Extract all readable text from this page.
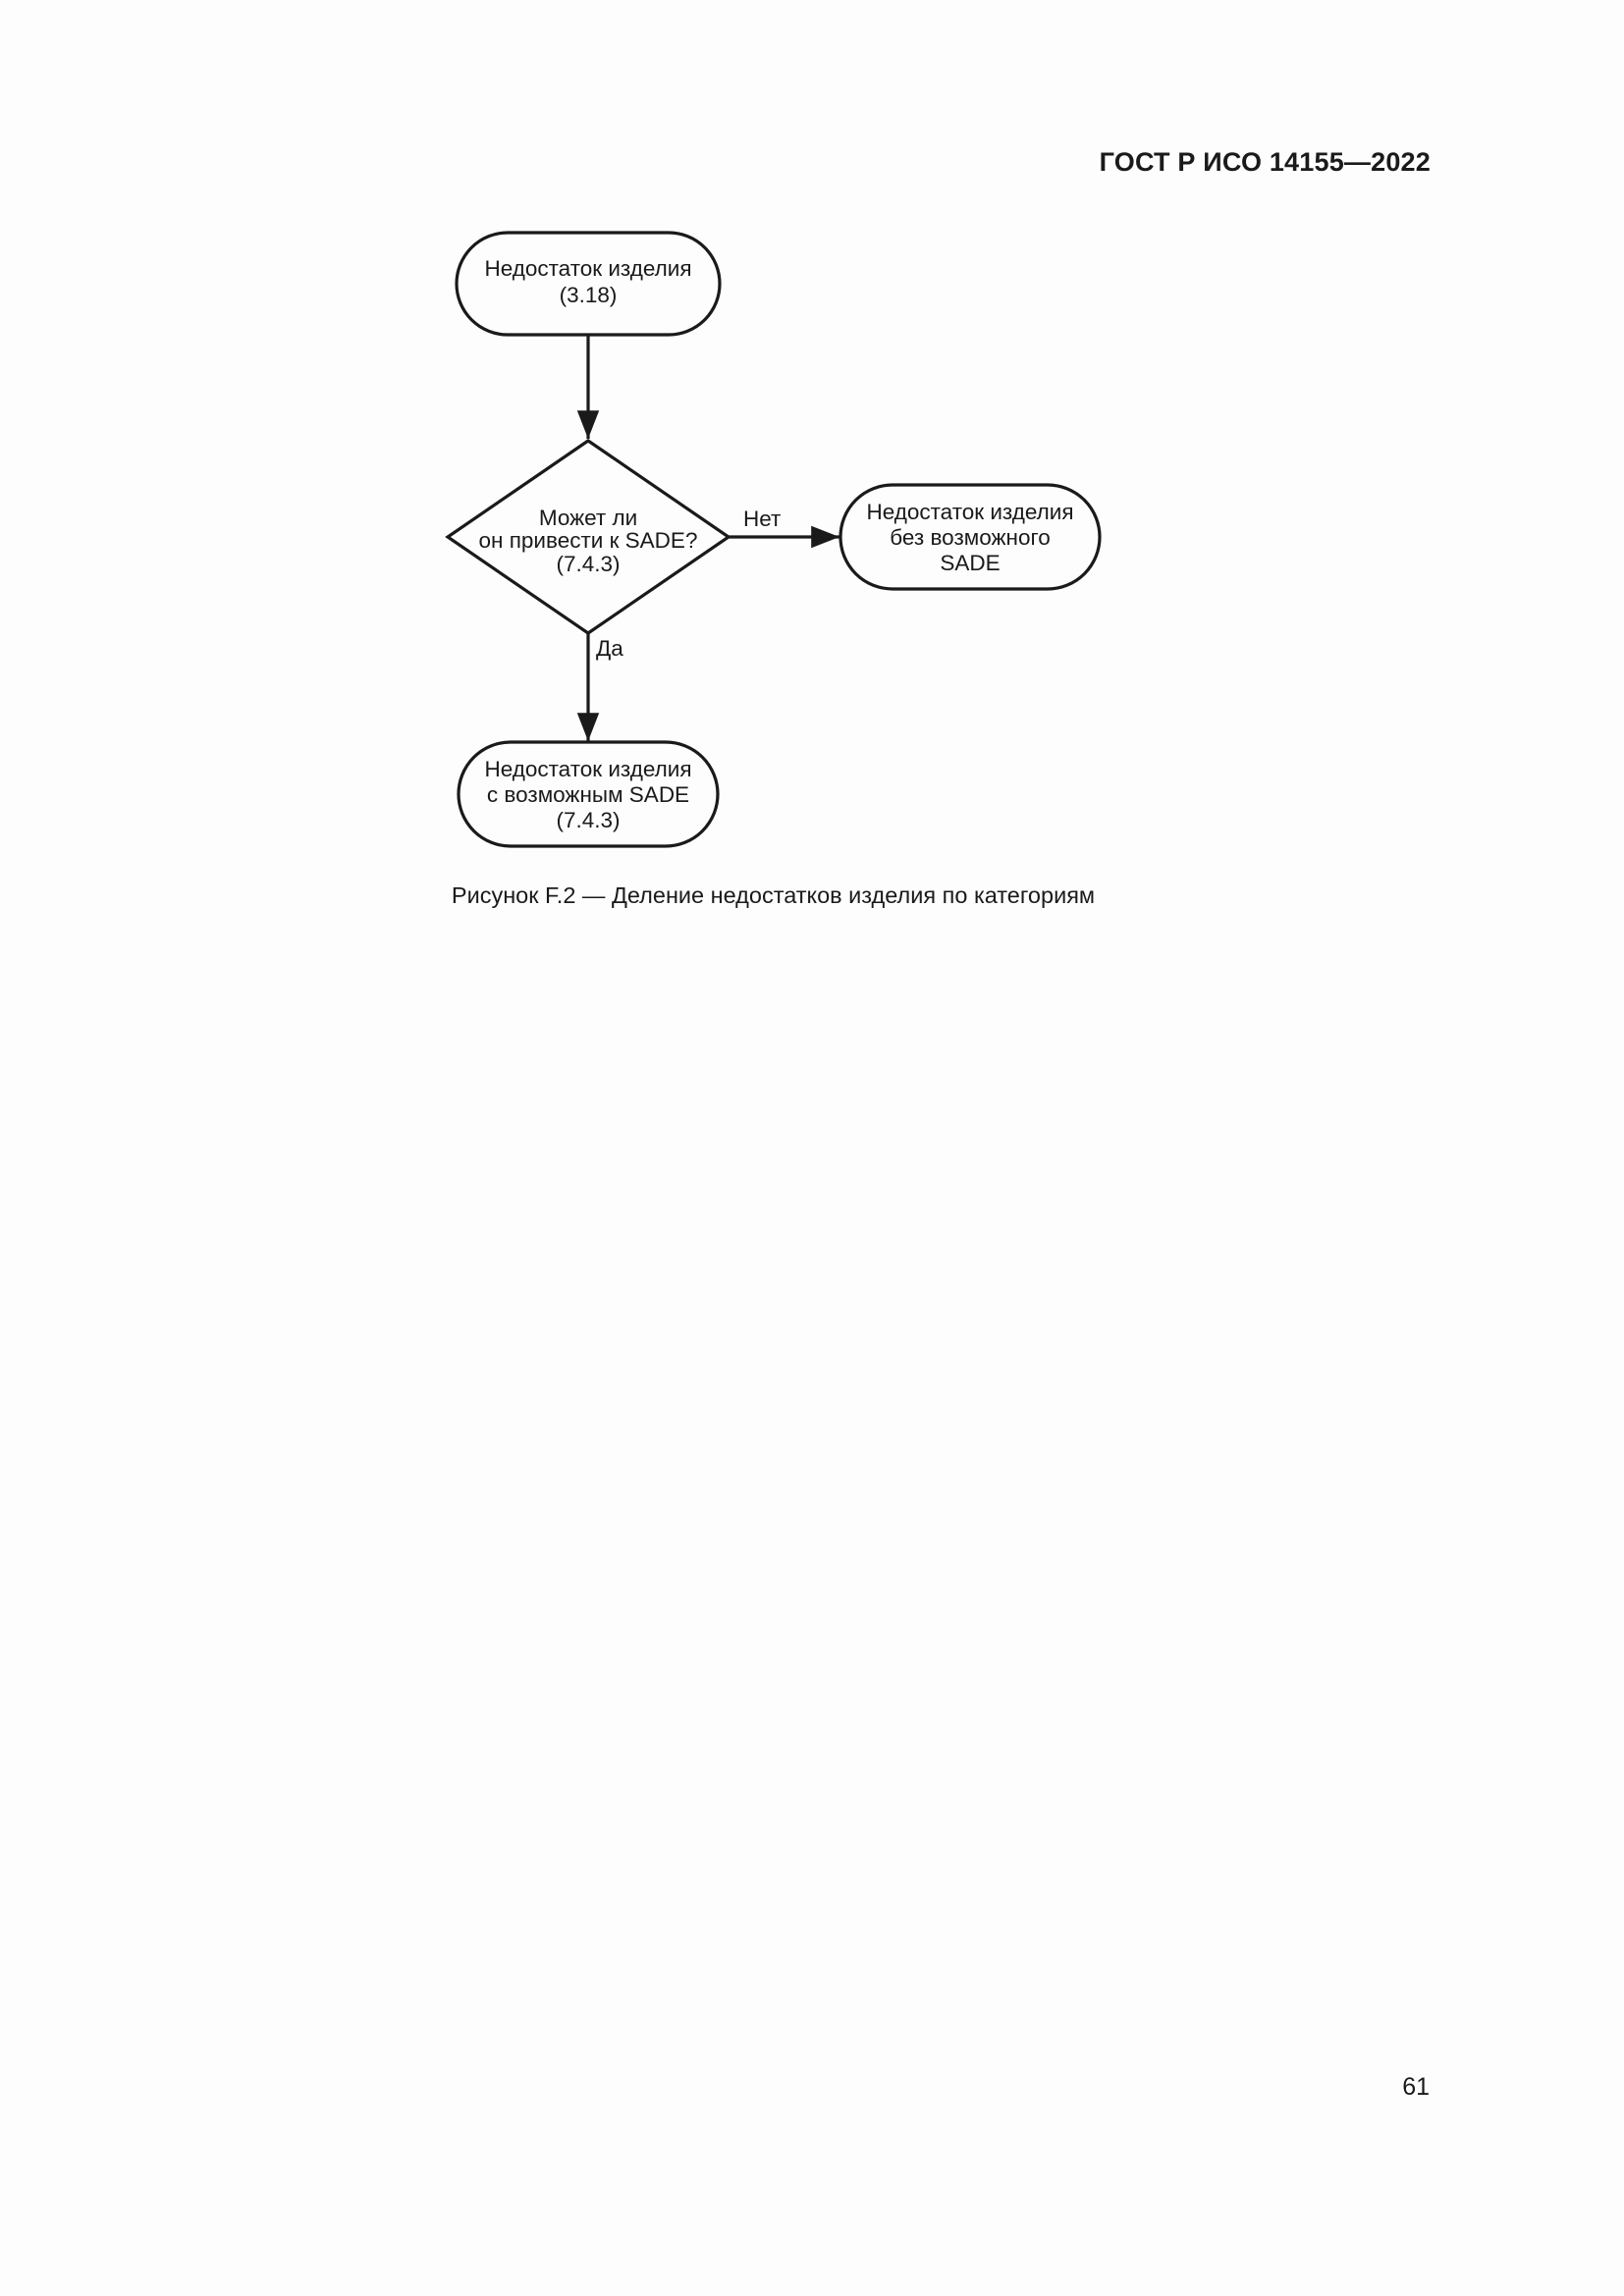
ГОСТ Р ИСО 14155—2022
Недостаток изделия
(3.18)
Может ли
он привести к SADE?
(7.4.3)
Нет	Недостаток изделия
без возможного
SADE
Да
Недостаток изделия
с возможным SADE
(7.4.3)

Рисунок F.2 — Деление недостатков изделия по категориям

61
